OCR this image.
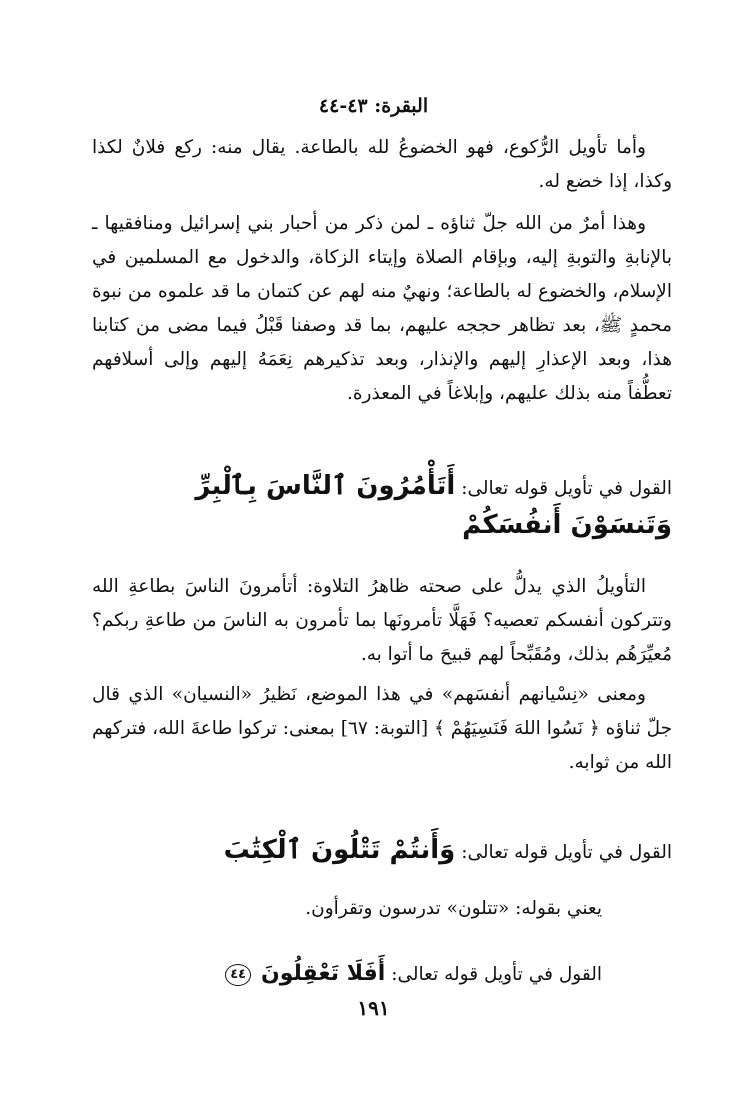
البقرة: ٤٣-٤٤

وأما تأويل الرُّكوع، فهو الخضوعُ لله بالطاعة. يقال منه: ركع فلانٌ لكذا وكذا، إذا خضع له.

وهذا أمرٌ من الله جلّ ثناؤه ـ لمن ذكر من أحبار بني إسرائيل ومنافقيها ـ بالإنابةِ والتوبةِ إليه، وبإقام الصلاة وإيتاء الزكاة، والدخول مع المسلمين في الإسلام، والخضوع له بالطاعة؛ ونهيٌ منه لهم عن كتمان ما قد علموه من نبوة محمدٍ ﷺ، بعد تظاهر حججه عليهم، بما قد وصفنا قَبْلُ فيما مضى من كتابنا هذا، وبعد الإعذارِ إليهم والإنذار، وبعد تذكيرهم نِعَمَهُ إليهم وإلى أسلافهم تعطُّفاً منه بذلك عليهم، وإبلاغاً في المعذرة.

القول في تأويل قوله تعالى: أَتَأْمُرُونَ ٱلنَّاسَ بِٱلْبِرِّ وَتَنسَوْنَ أَنفُسَكُمْ

التأويلُ الذي يدلُّ على صحته ظاهرُ التلاوة: أتأمرونَ الناسَ بطاعةِ الله وتتركون أنفسكم تعصيه؟ فَهَلَّا تأمرونَها بما تأمرون به الناسَ من طاعةِ ربكم؟ مُعيِّرَهُم بذلك، ومُقَبِّحاً لهم قبيحَ ما أتوا به.

ومعنى «نِسْيانهم أنفسَهم» في هذا الموضع، نَظيرُ «النسيان» الذي قال جلّ ثناؤه ﴿ نَسُوا اللهَ فَنَسِيَهُمْ ﴾ [التوبة: ٦٧] بمعنى: تركوا طاعةَ الله، فتركهم الله من ثوابه.

القول في تأويل قوله تعالى: وَأَنتُمْ تَتْلُونَ ٱلْكِتَٰبَ

يعني بقوله: «تتلون» تدرسون وتقرأون.

القول في تأويل قوله تعالى: أَفَلَا تَعْقِلُونَ ٤٤
١٩١
